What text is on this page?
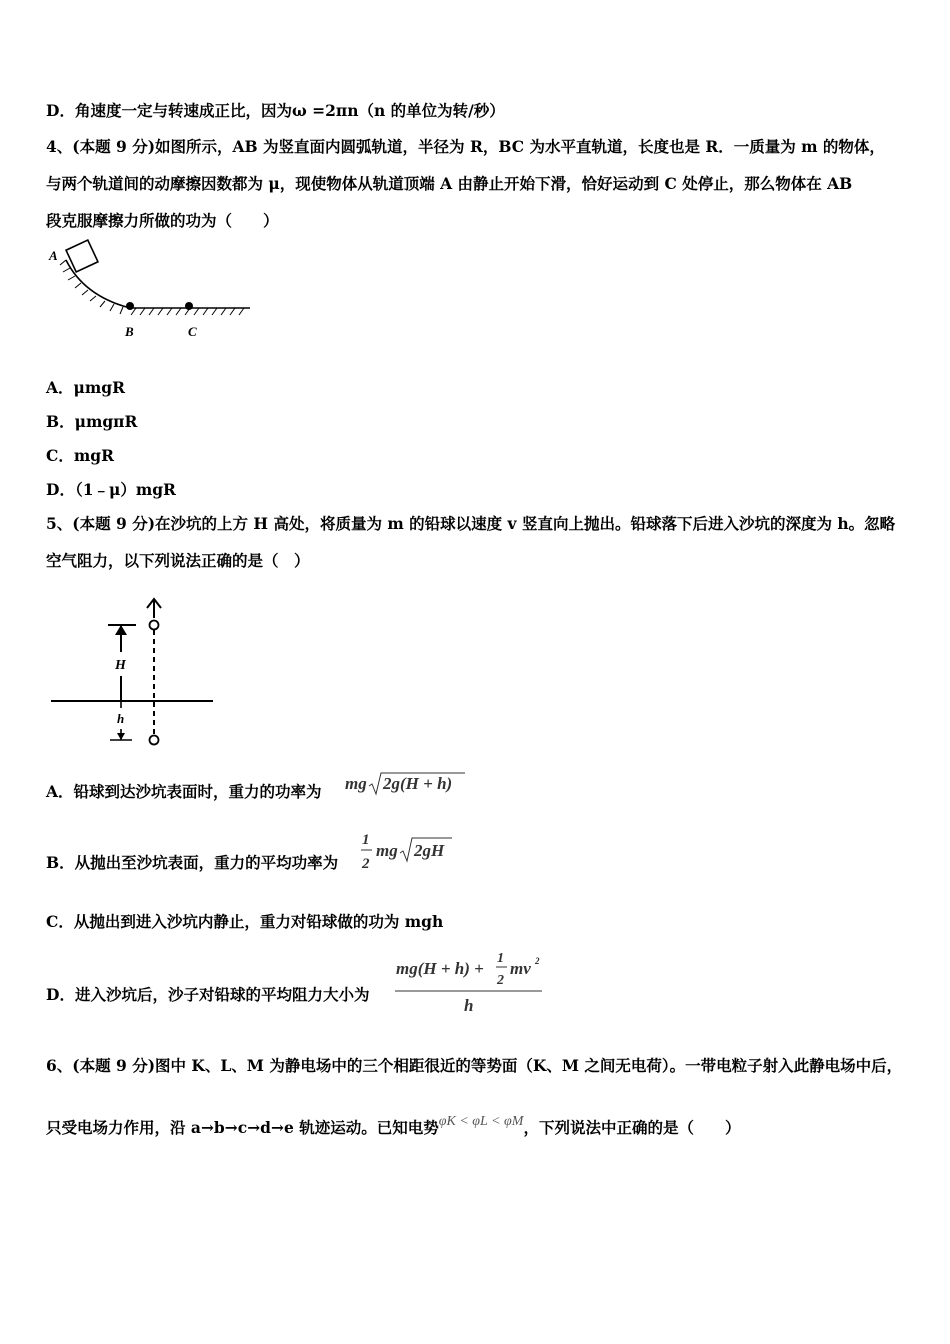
D．角速度一定与转速成正比，因为ω =2πn（n 的单位为转/秒）
4、(本题 9 分)如图所示，AB 为竖直面内圆弧轨道，半径为 R，BC 为水平直轨道，长度也是 R．一质量为 m 的物体，
与两个轨道间的动摩擦因数都为 μ，现使物体从轨道顶端 A 由静止开始下滑，恰好运动到 C 处停止，那么物体在 AB
段克服摩擦力所做的功为（　　）
A
B	C
A．μmgR
B．μmgπR
C．mgR
D．（1﹣μ）mgR
5、(本题 9 分)在沙坑的上方 H 高处，将质量为 m 的铅球以速度 v 竖直向上抛出。铅球落下后进入沙坑的深度为 h。忽略
空气阻力，以下列说法正确的是（　）
H
h
A．铅球到达沙坑表面时，重力的功率为 mg 2g(H + h)
B．从抛出至沙坑表面，重力的平均功率为
1
2
mg 2gH
C．从抛出到进入沙坑内静止，重力对铅球做的功为 mgh
D．进入沙坑后，沙子对铅球的平均阻力大小为
mg(H + h) +
1
2
mv 2
h
6、(本题 9 分)图中 K、L、M 为静电场中的三个相距很近的等势面（K、M 之间无电荷）。一带电粒子射入此静电场中后，
只受电场力作用，沿 a→b→c→d→e 轨迹运动。已知电势φK < φL < φM，下列说法中正确的是（　　）
